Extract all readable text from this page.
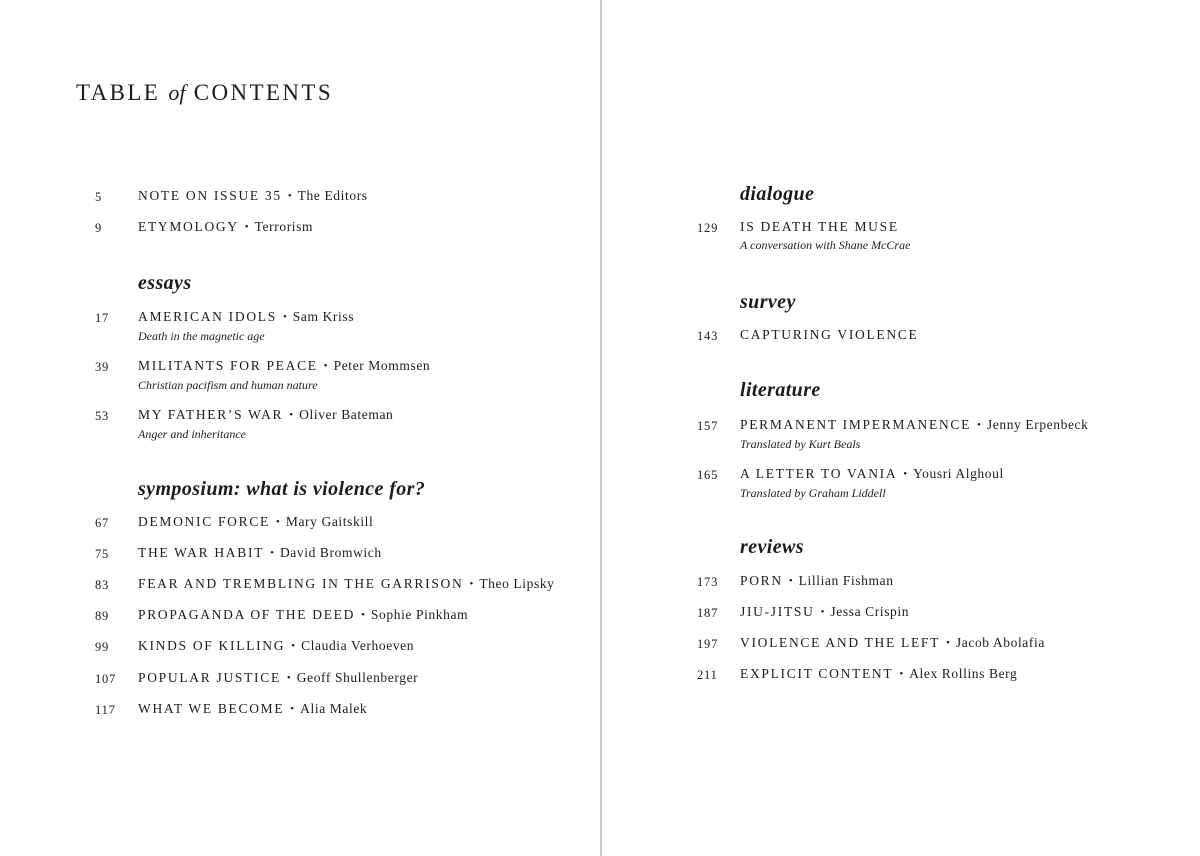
TABLE of CONTENTS
5	NOTE ON ISSUE 35 • The Editors
9	ETYMOLOGY • Terrorism
essays
17 AMERICAN IDOLS • Sam Kriss
Death in the magnetic age
39 MILITANTS FOR PEACE • Peter Mommsen
Christian pacifism and human nature
53 MY FATHER’S WAR • Oliver Bateman
Anger and inheritance
symposium: what is violence for?
67 DEMONIC FORCE • Mary Gaitskill
75 THE WAR HABIT • David Bromwich
83 FEAR AND TREMBLING IN THE GARRISON • Theo Lipsky
89 PROPAGANDA OF THE DEED • Sophie Pinkham
99 KINDS OF KILLING • Claudia Verhoeven
107 POPULAR JUSTICE • Geoff Shullenberger
117 WHAT WE BECOME • Alia Malek
dialogue
129 IS DEATH THE MUSE
A conversation with Shane McCrae
survey
143 CAPTURING VIOLENCE
literature
157 PERMANENT IMPERMANENCE • Jenny Erpenbeck
Translated by Kurt Beals
165 A LETTER TO VANIA • Yousri Alghoul
Translated by Graham Liddell
reviews
173 PORN • Lillian Fishman
187 JIU-JITSU • Jessa Crispin
197 VIOLENCE AND THE LEFT • Jacob Abolafia
211 EXPLICIT CONTENT • Alex Rollins Berg
